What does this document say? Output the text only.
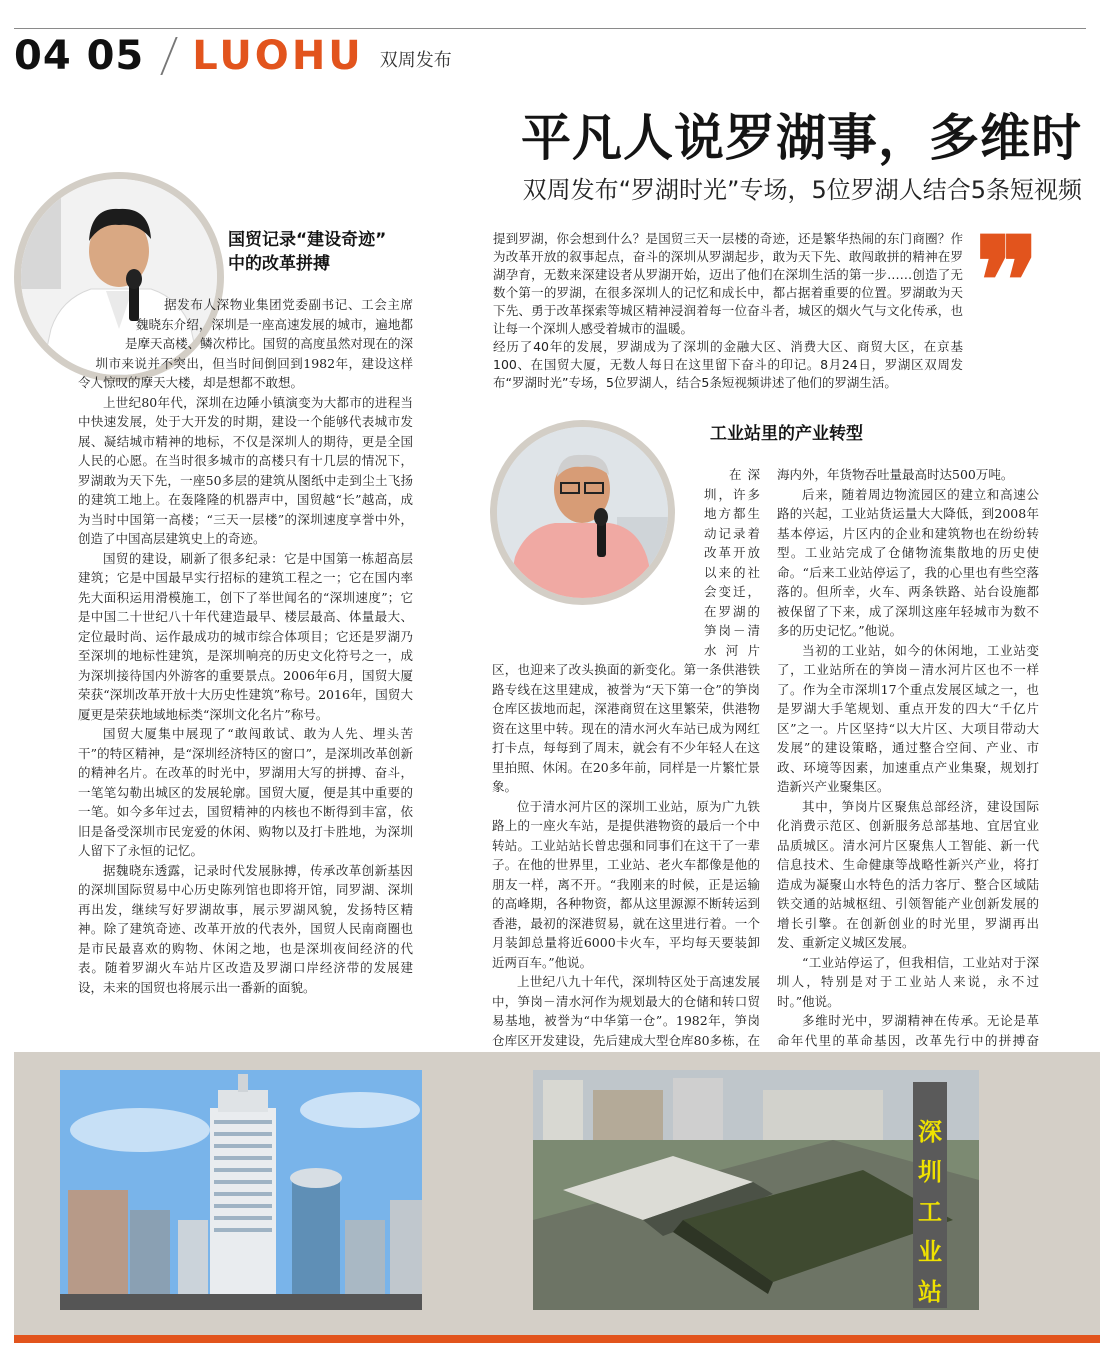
04 05 LUOHU 双周发布
平凡人说罗湖事，多维时
双周发布“罗湖时光”专场，5位罗湖人结合5条短视频

提到罗湖，你会想到什么？是国贸三天一层楼的奇迹，还是繁华热闹的东门商圈？作为改革开放的叙事起点，奋斗的深圳从罗湖起步，敢为天下先、敢闯敢拼的精神在罗湖孕育，无数来深建设者从罗湖开始，迈出了他们在深圳生活的第一步……创造了无数个第一的罗湖，在很多深圳人的记忆和成长中，都占据着重要的位置。罗湖敢为天下先、勇于改革探索等城区精神浸润着每一位奋斗者，城区的烟火气与文化传承，也让每一个深圳人感受着城市的温暖。

经历了40年的发展，罗湖成为了深圳的金融大区、消费大区、商贸大区，在京基100、在国贸大厦，无数人每日在这里留下奋斗的印记。8月24日，罗湖区双周发布“罗湖时光”专场，5位罗湖人，结合5条短视频讲述了他们的罗湖生活。

❞
国贸记录“建设奇迹”
中的改革拼搏

据发布人深物业集团党委副书记、工会主席魏晓东介绍，深圳是一座高速发展的城市，遍地都是摩天高楼、鳞次栉比。国贸的高度虽然对现在的深圳市来说并不突出，但当时间倒回到1982年，建设这样令人惊叹的摩天大楼，却是想都不敢想。

上世纪80年代，深圳在边陲小镇演变为大都市的进程当中快速发展，处于大开发的时期，建设一个能够代表城市发展、凝结城市精神的地标，不仅是深圳人的期待，更是全国人民的心愿。在当时很多城市的高楼只有十几层的情况下，罗湖敢为天下先，一座50多层的建筑从图纸中走到尘土飞扬的建筑工地上。在轰隆隆的机器声中，国贸越“长”越高，成为当时中国第一高楼；“三天一层楼”的深圳速度享誉中外，创造了中国高层建筑史上的奇迹。

国贸的建设，刷新了很多纪录：它是中国第一栋超高层建筑；它是中国最早实行招标的建筑工程之一；它在国内率先大面积运用滑模施工，创下了举世闻名的“深圳速度”；它是中国二十世纪八十年代建造最早、楼层最高、体量最大、定位最时尚、运作最成功的城市综合体项目；它还是罗湖乃至深圳的地标性建筑，是深圳响亮的历史文化符号之一，成为深圳接待国内外游客的重要景点。2006年6月，国贸大厦荣获“深圳改革开放十大历史性建筑”称号。2016年，国贸大厦更是荣获地域地标类“深圳文化名片”称号。

国贸大厦集中展现了“敢闯敢试、敢为人先、埋头苦干”的特区精神，是“深圳经济特区的窗口”，是深圳改革创新的精神名片。在改革的时光中，罗湖用大写的拼搏、奋斗，一笔笔勾勒出城区的发展轮廓。国贸大厦，便是其中重要的一笔。如今多年过去，国贸精神的内核也不断得到丰富，依旧是备受深圳市民宠爱的休闲、购物以及打卡胜地，为深圳人留下了永恒的记忆。

据魏晓东透露，记录时代发展脉搏，传承改革创新基因的深圳国际贸易中心历史陈列馆也即将开馆，同罗湖、深圳再出发，继续写好罗湖故事，展示罗湖风貌，发扬特区精神。除了建筑奇迹、改革开放的代表外，国贸人民南商圈也是市民最喜欢的购物、休闲之地，也是深圳夜间经济的代表。随着罗湖火车站片区改造及罗湖口岸经济带的发展建设，未来的国贸也将展示出一番新的面貌。

工业站里的产业转型

在深圳，许多地方都生动记录着改革开放以来的社会变迁，在罗湖的笋岗－清水河片区，也迎来了改头换面的新变化。第一条供港铁路专线在这里建成，被誉为“天下第一仓”的笋岗仓库区拔地而起，深港商贸在这里繁荣，供港物资在这里中转。现在的清水河火车站已成为网红打卡点，每每到了周末，就会有不少年轻人在这里拍照、休闲。在20多年前，同样是一片繁忙景象。

位于清水河片区的深圳工业站，原为广九铁路上的一座火车站，是提供港物资的最后一个中转站。工业站站长曾忠强和同事们在这干了一辈子。在他的世界里，工业站、老火车都像是他的朋友一样，离不开。“我刚来的时候，正是运输的高峰期，各种物资，都从这里源源不断转运到香港，最初的深港贸易，就在这里进行着。一个月装卸总量将近6000卡火车，平均每天要装卸近两百车。”他说。

上世纪八九十年代，深圳特区处于高速发展中，笋岗－清水河作为规划最大的仓储和转口贸易基地，被誉为“中华第一仓”。1982年，笋岗仓库区开发建设，先后建成大型仓库80多栋，在

海内外，年货物吞吐量最高时达500万吨。

后来，随着周边物流园区的建立和高速公路的兴起，工业站货运量大大降低，到2008年基本停运，片区内的企业和建筑物也在纷纷转型。工业站完成了仓储物流集散地的历史使命。“后来工业站停运了，我的心里也有些空落落的。但所幸，火车、两条铁路、站台设施都被保留了下来，成了深圳这座年轻城市为数不多的历史记忆。”他说。

当初的工业站，如今的休闲地，工业站变了，工业站所在的笋岗－清水河片区也不一样了。作为全市深圳17个重点发展区域之一，也是罗湖大手笔规划、重点开发的四大“千亿片区”之一。片区坚持“以大片区、大项目带动大发展”的建设策略，通过整合空间、产业、市政、环境等因素，加速重点产业集聚，规划打造新兴产业聚集区。

其中，笋岗片区聚焦总部经济，建设国际化消费示范区、创新服务总部基地、宜居宜业品质城区。清水河片区聚焦人工智能、新一代信息技术、生命健康等战略性新兴产业，将打造成为凝聚山水特色的活力客厅、整合区域陆铁交通的站城枢纽、引领智能产业创新发展的增长引擎。在创新创业的时光里，罗湖再出发、重新定义城区发展。

“工业站停运了，但我相信，工业站对于深圳人，特别是对于工业站人来说，永不过时。”他说。

多维时光中，罗湖精神在传承。无论是革命年代里的革命基因，改革先行中的拼搏奋

深
圳
工
业
站
